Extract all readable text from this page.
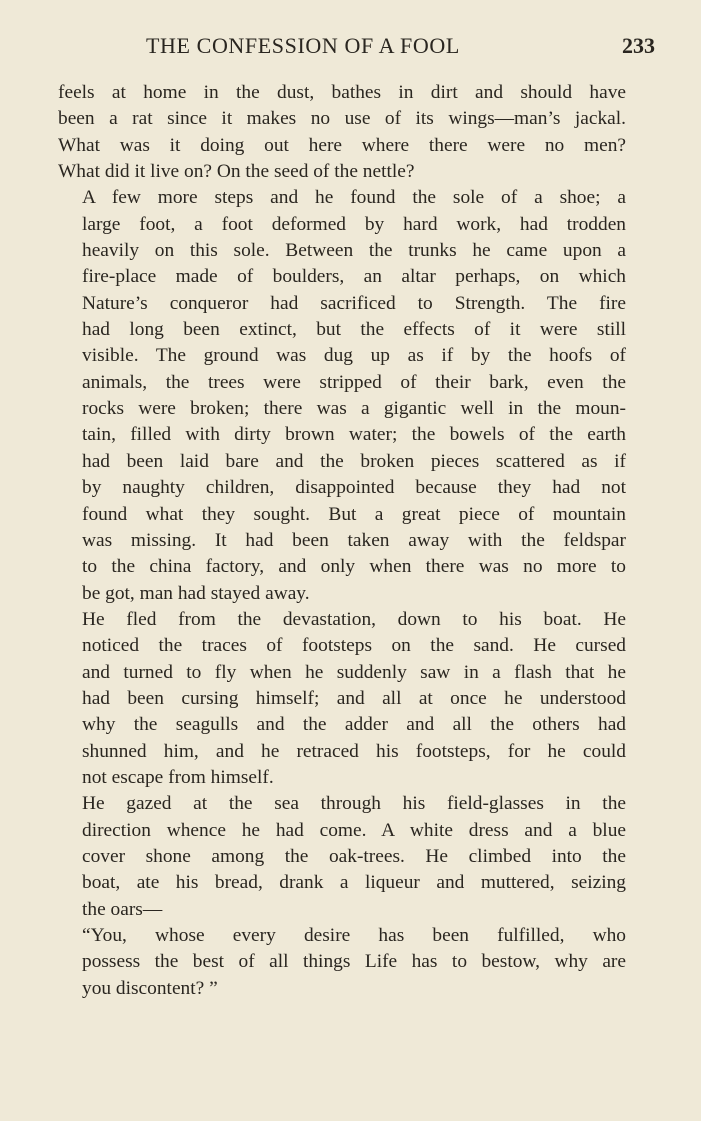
THE CONFESSION OF A FOOL	233
feels at home in the dust, bathes in dirt and should have
been a rat since it makes no use of its wings—man’s jackal.
What was it doing out here where there were no men?
What did it live on? On the seed of the nettle?
A few more steps and he found the sole of a shoe; a
large foot, a foot deformed by hard work, had trodden
heavily on this sole. Between the trunks he came upon a
fire-place made of boulders, an altar perhaps, on which
Nature’s conqueror had sacrificed to Strength. The fire
had long been extinct, but the effects of it were still
visible. The ground was dug up as if by the hoofs of
animals, the trees were stripped of their bark, even the
rocks were broken; there was a gigantic well in the moun-
tain, filled with dirty brown water; the bowels of the earth
had been laid bare and the broken pieces scattered as if
by naughty children, disappointed because they had not
found what they sought. But a great piece of mountain
was missing. It had been taken away with the feldspar
to the china factory, and only when there was no more to
be got, man had stayed away.
He fled from the devastation, down to his boat. He
noticed the traces of footsteps on the sand. He cursed
and turned to fly when he suddenly saw in a flash that he
had been cursing himself; and all at once he understood
why the seagulls and the adder and all the others had
shunned him, and he retraced his footsteps, for he could
not escape from himself.
He gazed at the sea through his field-glasses in the
direction whence he had come. A white dress and a blue
cover shone among the oak-trees. He climbed into the
boat, ate his bread, drank a liqueur and muttered, seizing
the oars—
“You, whose every desire has been fulfilled, who
possess the best of all things Life has to bestow, why are
you discontent? ”
